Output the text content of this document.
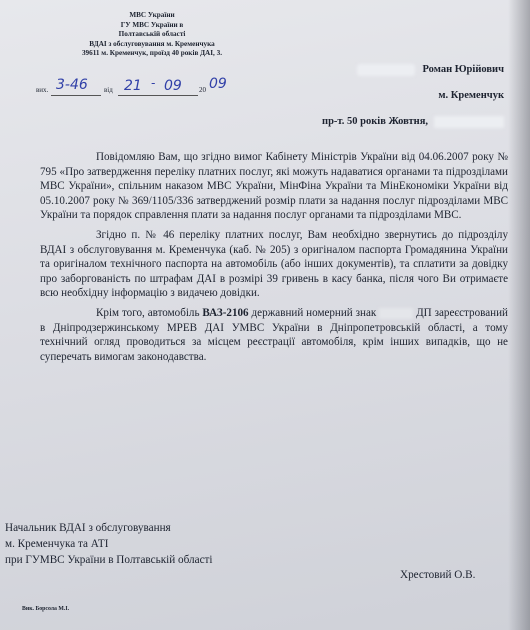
МВС України
ГУ МВС України в
Полтавській області
ВДАІ з обслуговування м. Кременчука
39611 м. Кременчук, проїзд 40 років ДАІ, 3.
вих. 3-46 від 21 - 09 20 09
Роман Юрійович
м. Кременчук
пр-т. 50 років Жовтня,

Повідомляю Вам, що згідно вимог Кабінету Міністрів України від 04.06.2007 року № 795 «Про затвердження переліку платних послуг, які можуть надаватися органами та підрозділами МВС України», спільним наказом МВС України, МінФіна України та МінЕкономіки України від 05.10.2007 року № 369/1105/336 затверджений розмір плати за надання послуг підрозділами МВС України та порядок справлення плати за надання послуг органами та підрозділами МВС.

Згідно п. № 46 переліку платних послуг, Вам необхідно звернутись до підрозділу ВДАІ з обслуговування м. Кременчука (каб. № 205) з оригіналом паспорта Громадянина України та оригіналом технічного паспорта на автомобіль (або інших документів), та сплатити за довідку про заборгованість по штрафам ДАІ в розмірі 39 гривень в касу банка, після чого Ви отримаєте всю необхідну інформацію з видачею довідки.

Крім того, автомобіль ВАЗ-2106 державний номерний знак	ДП зареєстрований в Дніпродзержинському МРЕВ ДАІ УМВС України в Дніпропетровській області, а тому технічний огляд проводиться за місцем реєстрації автомобіля, крім інших випадків, що не суперечать вимогам законодавства.

Начальник ВДАІ з обслуговування
м. Кременчука та АТІ
при ГУМВС України в Полтавській області
Хрестовий О.В.
Вик. Борсола М.І.
